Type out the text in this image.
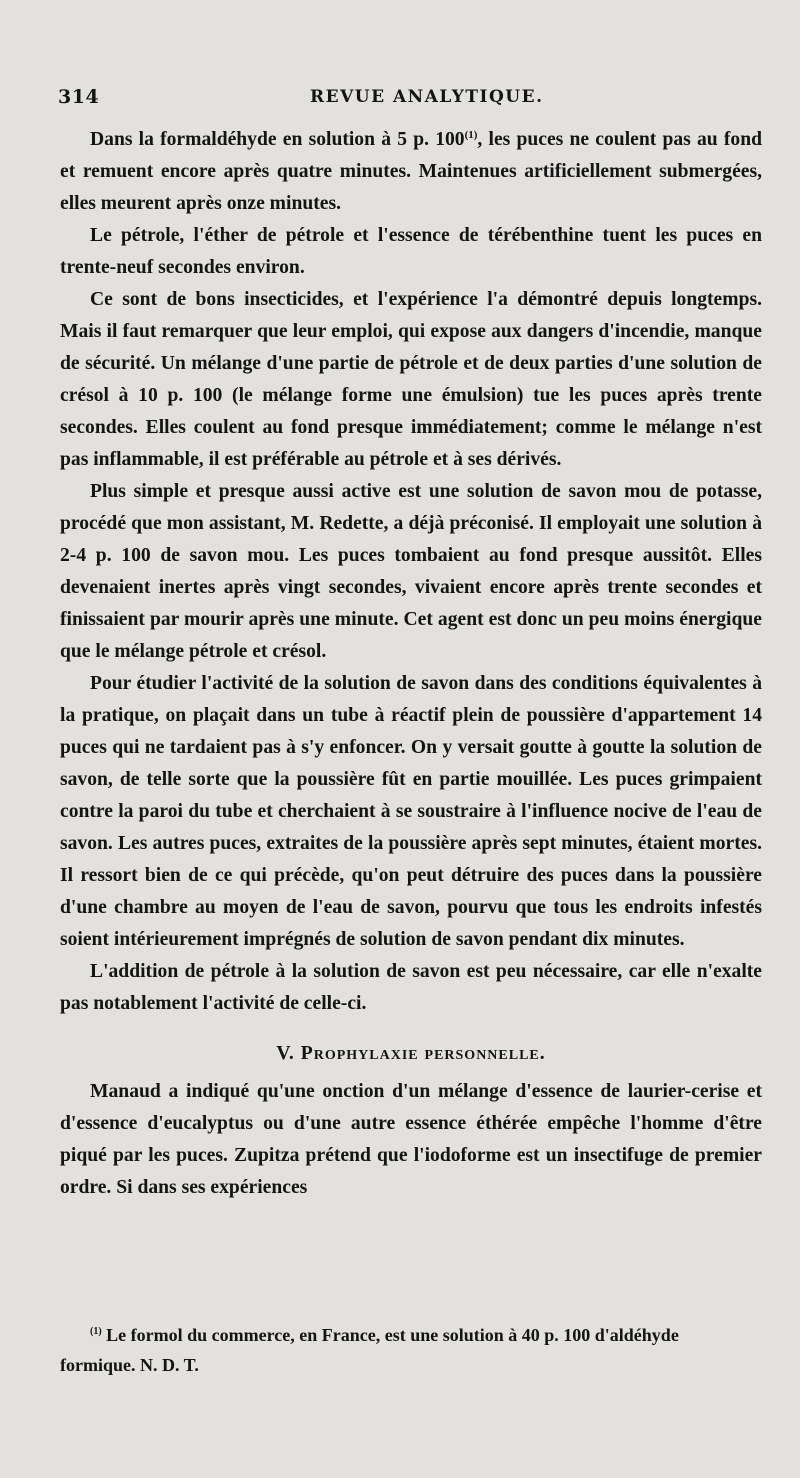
314	REVUE ANALYTIQUE.

Dans la formaldéhyde en solution à 5 p. 100$^{(1)}$, les puces ne coulent pas au fond et remuent encore après quatre minutes. Maintenues artificiellement submergées, elles meurent après onze minutes.

Le pétrole, l'éther de pétrole et l'essence de térébenthine tuent les puces en trente-neuf secondes environ.

Ce sont de bons insecticides, et l'expérience l'a démontré depuis longtemps. Mais il faut remarquer que leur emploi, qui expose aux dangers d'incendie, manque de sécurité. Un mélange d'une partie de pétrole et de deux parties d'une solution de crésol à 10 p. 100 (le mélange forme une émulsion) tue les puces après trente secondes. Elles coulent au fond presque immédiatement; comme le mélange n'est pas inflammable, il est préférable au pétrole et à ses dérivés.

Plus simple et presque aussi active est une solution de savon mou de potasse, procédé que mon assistant, M. Redette, a déjà préconisé. Il employait une solution à 2-4 p. 100 de savon mou. Les puces tombaient au fond presque aussitôt. Elles devenaient inertes après vingt secondes, vivaient encore après trente secondes et finissaient par mourir après une minute. Cet agent est donc un peu moins énergique que le mélange pétrole et crésol.

Pour étudier l'activité de la solution de savon dans des conditions équivalentes à la pratique, on plaçait dans un tube à réactif plein de poussière d'appartement 14 puces qui ne tardaient pas à s'y enfoncer. On y versait goutte à goutte la solution de savon, de telle sorte que la poussière fût en partie mouillée. Les puces grimpaient contre la paroi du tube et cherchaient à se soustraire à l'influence nocive de l'eau de savon. Les autres puces, extraites de la poussière après sept minutes, étaient mortes. Il ressort bien de ce qui précède, qu'on peut détruire des puces dans la poussière d'une chambre au moyen de l'eau de savon, pourvu que tous les endroits infestés soient intérieurement imprégnés de solution de savon pendant dix minutes.

L'addition de pétrole à la solution de savon est peu nécessaire, car elle n'exalte pas notablement l'activité de celle-ci.

V. Prophylaxie personnelle.

Manaud a indiqué qu'une onction d'un mélange d'essence de laurier-cerise et d'essence d'eucalyptus ou d'une autre essence éthérée empêche l'homme d'être piqué par les puces. Zupitza prétend que l'iodoforme est un insectifuge de premier ordre. Si dans ses expériences

$^{(1)}$ Le formol du commerce, en France, est une solution à 40 p. 100 d'aldéhyde formique. N. D. T.
